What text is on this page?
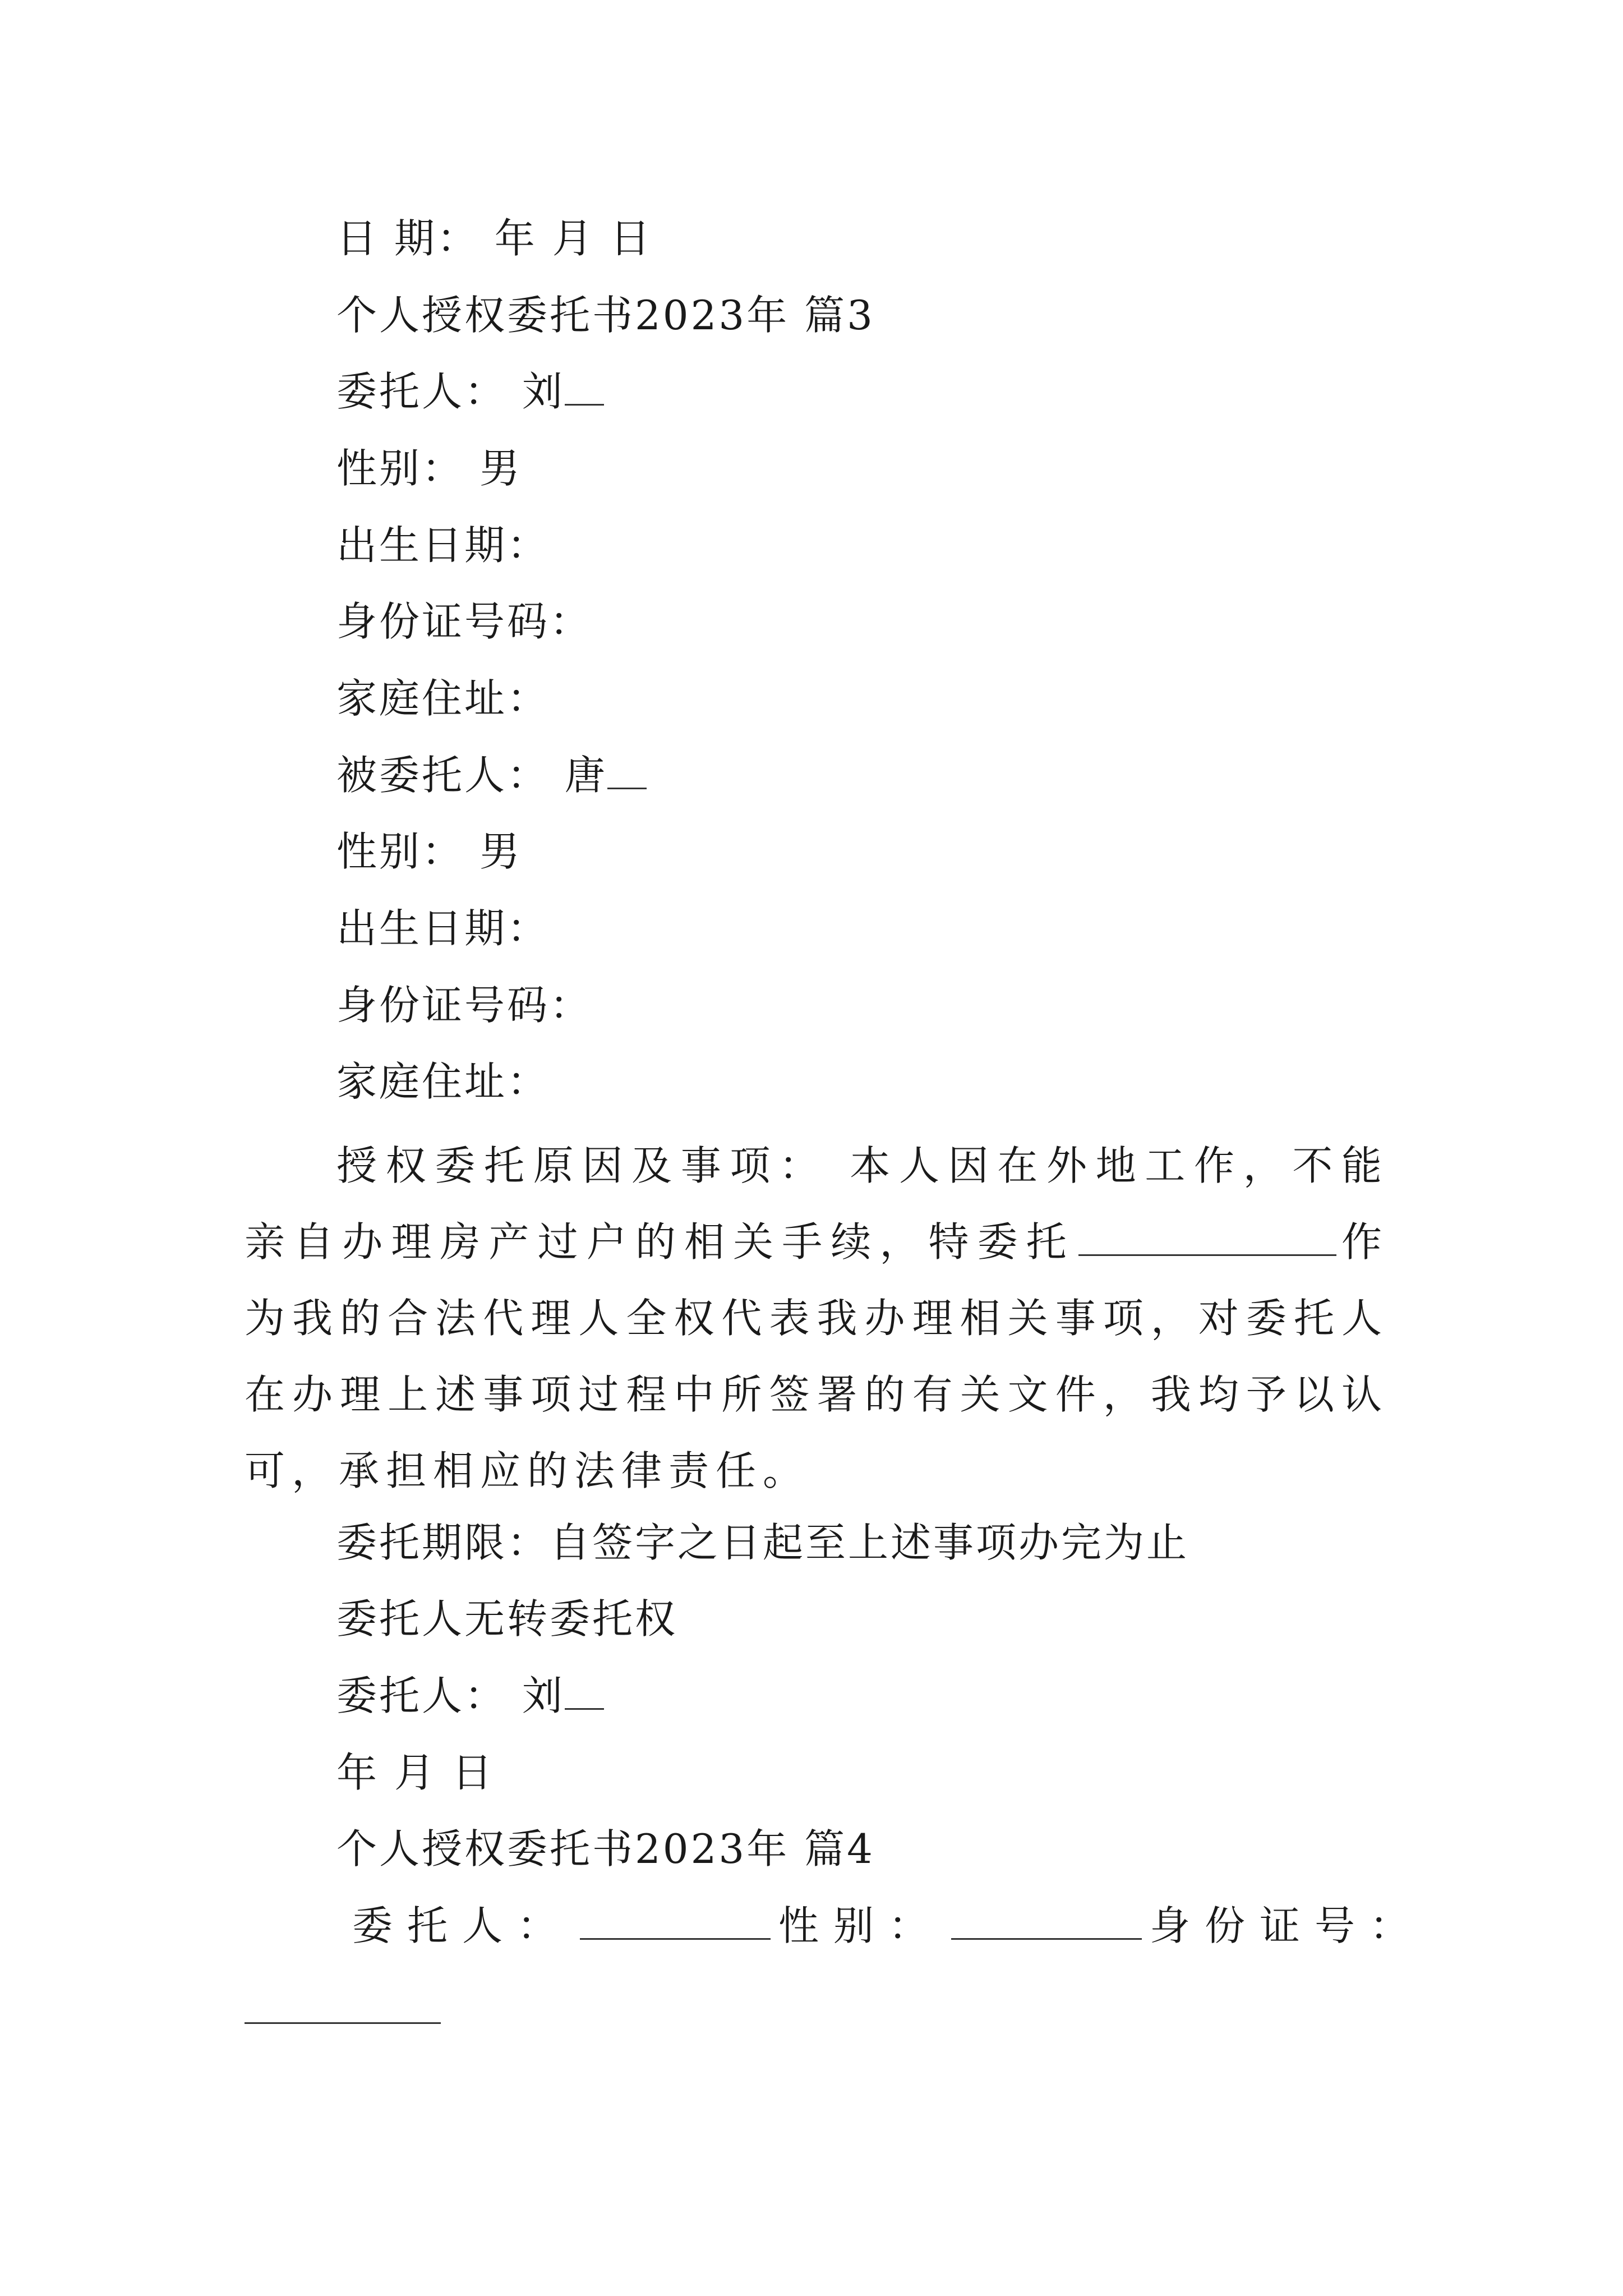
日 期： 年 月 日
个人授权委托书2023年 篇3
委托人： 刘
性别： 男
出生日期：
身份证号码：
家庭住址：
被委托人： 唐
性别： 男
出生日期：
身份证号码：
家庭住址：
授权委托原因及事项： 本人因在外地工作，不能亲自办理房产过户的相关手续，特委托	作为我的合法代理人全权代表我办理相关事项，对委托人在办理上述事项过程中所签署的有关文件，我均予以认可，承担相应的法律责任。
委托期限：自签字之日起至上述事项办完为止
委托人无转委托权
委托人： 刘
年 月 日
个人授权委托书2023年 篇4
委托人：	性别：	身份证号：
